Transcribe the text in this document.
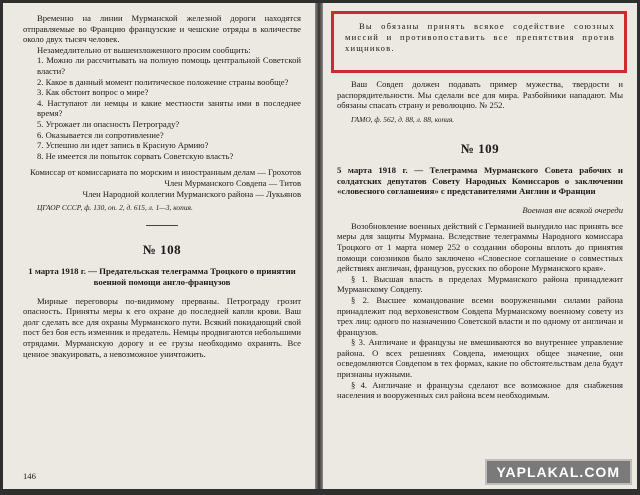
Временно на линии Мурманской железной дороги находятся отправляемые во Францию французские и чешские отряды в количестве около двух тысяч человек.

Незамедлительно от вышеизложенного просим сообщить:

1. Можно ли рассчитывать на полную помощь центральной Советской власти?

2. Какое в данный момент политическое положение страны вообще?

3. Как обстоит вопрос о мире?

4. Наступают ли немцы и какие местности заняты ими в последнее время?

5. Угрожает ли опасность Петрограду?

6. Оказывается ли сопротивление?

7. Успешно ли идет запись в Красную Армию?

8. Не имеется ли попыток сорвать Советскую власть?

Комиссар от комиссариата по морским и иностранным делам — Грохотов

Член Мурманского Совдепа — Титов

Член Народной коллегии Мурманского района — Лукьянов

ЦГАОР СССР, ф. 130, оп. 2, д. 615, л. 1—3, копия.

№ 108
1 марта 1918 г. — Предательская телеграмма Троцкого о принятии военной помощи англо-французов

Мирные переговоры по-видимому прерваны. Петрограду грозит опасность. Приняты меры к его охране до последней капли крови. Ваш долг сделать все для охраны Мурманского пути. Всякий покидающий свой пост без боя есть изменник и предатель. Немцы продвигаются небольшими отрядами. Мурманскую дорогу и ее грузы необходимо охранять. Все ценное эвакуировать, а невозможное уничтожить.

146

Вы обязаны принять всякое содействие союзных миссий и противопоставить все препятствия против хищников.

Ваш Совдеп должен подавать пример мужества, твердости и распорядительности. Мы сделали все для мира. Разбойники нападают. Мы обязаны спасать страну и революцию. № 252.

ГАМО, ф. 562, д. 88, л. 88, копия.

№ 109
5 марта 1918 г. — Телеграмма Мурманского Совета рабочих и солдатских депутатов Совету Народных Комиссаров о заключении «словесного соглашения» с представителями Англии и Франции

Военная вне всякой очереди

Возобновление военных действий с Германией вынудило нас принять все меры для защиты Мурмана. Вследствие телеграммы Народного комиссара Троцкого от 1 марта номер 252 о создании обороны вплоть до принятия помощи союзников было заключено «Словесное соглашение о совместных действиях англичан, французов, русских по обороне Мурманского края».

§ 1. Высшая власть в пределах Мурманского района принадлежит Мурманскому Совдепу.

§ 2. Высшее командование всеми вооруженными силами района принадлежит под верховенством Совдепа Мурманскому военному совету из трех лиц: одного по назначению Советской власти и по одному от англичан и французов.

§ 3. Англичане и французы не вмешиваются во внутреннее управление района. О всех решениях Совдепа, имеющих общее значение, они осведомляются Совдепом в тех формах, какие по обстоятельствам дела будут признаны нужными.

§ 4. Англичане и французы сделают все возможное для снабжения населения и вооруженных сил района всем необходимым.

YAPLAKAL.COM
